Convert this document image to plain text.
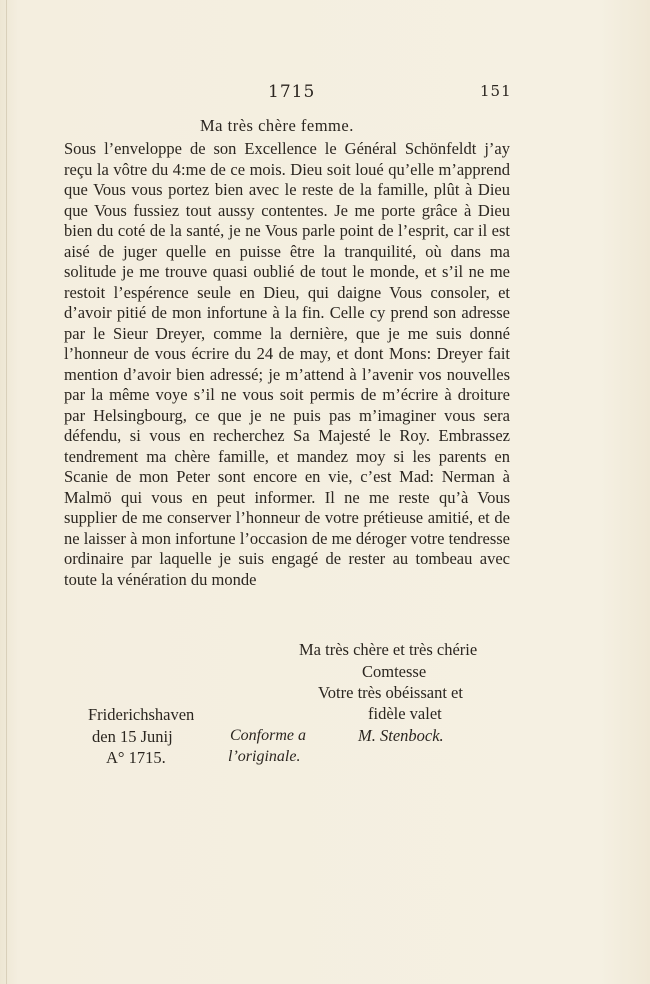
1715	151
Ma très chère femme.

Sous l’enveloppe de son Excellence le Général Schönfeldt j’ay reçu la vôtre du 4:me de ce mois. Dieu soit loué qu’elle m’apprend que Vous vous portez bien avec le reste de la famille, plût à Dieu que Vous fussiez tout aussy contentes. Je me porte grâce à Dieu bien du coté de la santé, je ne Vous parle point de l’esprit, car il est aisé de juger quelle en puisse être la tranquilité, où dans ma solitude je me trouve quasi oublié de tout le monde, et s’il ne me restoit l’espérence seule en Dieu, qui daigne Vous consoler, et d’avoir pitié de mon infortune à la fin. Celle cy prend son adresse par le Sieur Dreyer, comme la dernière, que je me suis donné l’honneur de vous écrire du 24 de may, et dont Mons: Dreyer fait mention d’avoir bien adressé; je m’attend à l’avenir vos nouvelles par la même voye s’il ne vous soit permis de m’écrire à droiture par Helsingbourg, ce que je ne puis pas m’imaginer vous sera défendu, si vous en recherchez Sa Majesté le Roy. Embrassez tendrement ma chère famille, et mandez moy si les parents en Scanie de mon Peter sont encore en vie, c’est Mad: Nerman à Malmö qui vous en peut informer. Il ne me reste qu’à Vous supplier de me conserver l’honneur de votre prétieuse amitié, et de ne laisser à mon infortune l’occasion de me déroger votre tendresse ordinaire par laquelle je suis engagé de rester au tombeau avec toute la vénération du monde

Ma très chère et très chérie
Comtesse
Votre très obéissant et
fidèle valet
M. Stenbock.
Friderichshaven
den 15 Junij
A° 1715.
Conforme a
l’originale.
